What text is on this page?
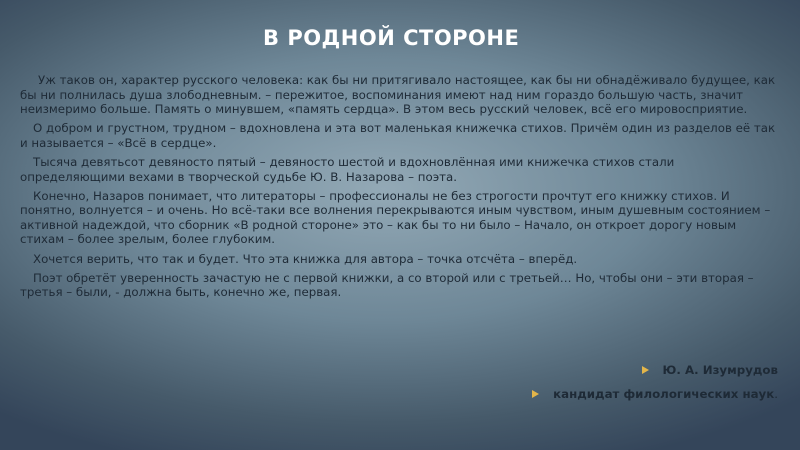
В РОДНОЙ СТОРОНЕ

Уж таков он, характер русского человека: как бы ни притягивало настоящее, как бы ни обнадёживало будущее, как бы ни полнилась душа злободневным. – пережитое, воспоминания имеют над ним гораздо большую часть, значит неизмеримо больше. Память о минувшем, «память сердца». В этом весь русский человек, всё его мировосприятие.

О добром и грустном, трудном – вдохновлена и эта вот маленькая книжечка стихов. Причём один из разделов её так и называется – «Всё в сердце».

Тысяча девятьсот девяносто пятый – девяносто шестой и вдохновлённая ими книжечка стихов стали определяющими вехами в творческой судьбе Ю. В. Назарова – поэта.

Конечно, Назаров понимает, что литераторы – профессионалы не без строгости прочтут его книжку стихов. И понятно, волнуется – и очень. Но всё-таки все волнения перекрываются иным чувством, иным душевным состоянием – активной надеждой, что сборник «В родной стороне» это – как бы то ни было – Начало, он откроет дорогу новым стихам – более зрелым, более глубоким.

Хочется верить, что так и будет. Что эта книжка для автора – точка отсчёта – вперёд.

Поэт обретёт уверенность зачастую не с первой книжки, а со второй или с третьей… Но, чтобы они – эти вторая – третья – были, - должна быть, конечно же, первая.

Ю. А. Изумрудов
кандидат филологических наук .
